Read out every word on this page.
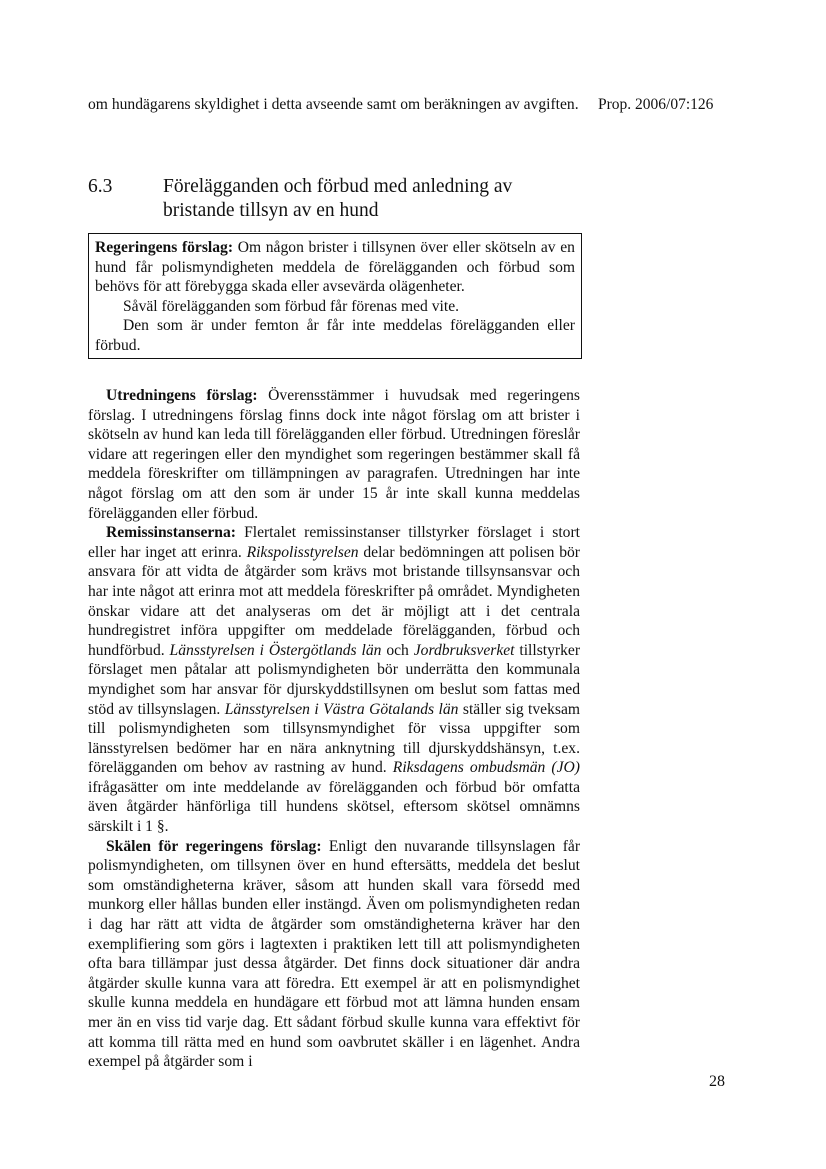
om hundägarens skyldighet i detta avseende samt om beräkningen av avgiften. Prop. 2006/07:126
6.3	Förelägganden och förbud med anledning av bristande tillsyn av en hund

Regeringens förslag: Om någon brister i tillsynen över eller skötseln av en hund får polismyndigheten meddela de förelägganden och förbud som behövs för att förebygga skada eller avsevärda olägenheter.

Såväl förelägganden som förbud får förenas med vite.

Den som är under femton år får inte meddelas förelägganden eller förbud.

Utredningens förslag: Överensstämmer i huvudsak med regeringens förslag. I utredningens förslag finns dock inte något förslag om att brister i skötseln av hund kan leda till förelägganden eller förbud. Utredningen föreslår vidare att regeringen eller den myndighet som regeringen bestämmer skall få meddela föreskrifter om tillämpningen av paragrafen. Utredningen har inte något förslag om att den som är under 15 år inte skall kunna meddelas förelägganden eller förbud.

Remissinstanserna: Flertalet remissinstanser tillstyrker förslaget i stort eller har inget att erinra. Rikspolisstyrelsen delar bedömningen att polisen bör ansvara för att vidta de åtgärder som krävs mot bristande tillsynsansvar och har inte något att erinra mot att meddela föreskrifter på området. Myndigheten önskar vidare att det analyseras om det är möjligt att i det centrala hundregistret införa uppgifter om meddelade förelägganden, förbud och hundförbud. Länsstyrelsen i Östergötlands län och Jordbruksverket tillstyrker förslaget men påtalar att polismyndigheten bör underrätta den kommunala myndighet som har ansvar för djurskyddstillsynen om beslut som fattas med stöd av tillsynslagen. Länsstyrelsen i Västra Götalands län ställer sig tveksam till polismyndigheten som tillsynsmyndighet för vissa uppgifter som länsstyrelsen bedömer har en nära anknytning till djurskyddshänsyn, t.ex. förelägganden om behov av rastning av hund. Riksdagens ombudsmän (JO) ifrågasätter om inte meddelande av förelägganden och förbud bör omfatta även åtgärder hänförliga till hundens skötsel, eftersom skötsel omnämns särskilt i 1 §.

Skälen för regeringens förslag: Enligt den nuvarande tillsynslagen får polismyndigheten, om tillsynen över en hund eftersätts, meddela det beslut som omständigheterna kräver, såsom att hunden skall vara försedd med munkorg eller hållas bunden eller instängd. Även om polismyndigheten redan i dag har rätt att vidta de åtgärder som omständigheterna kräver har den exemplifiering som görs i lagtexten i praktiken lett till att polismyndigheten ofta bara tillämpar just dessa åtgärder. Det finns dock situationer där andra åtgärder skulle kunna vara att föredra. Ett exempel är att en polismyndighet skulle kunna meddela en hundägare ett förbud mot att lämna hunden ensam mer än en viss tid varje dag. Ett sådant förbud skulle kunna vara effektivt för att komma till rätta med en hund som oavbrutet skäller i en lägenhet. Andra exempel på åtgärder som i

28
